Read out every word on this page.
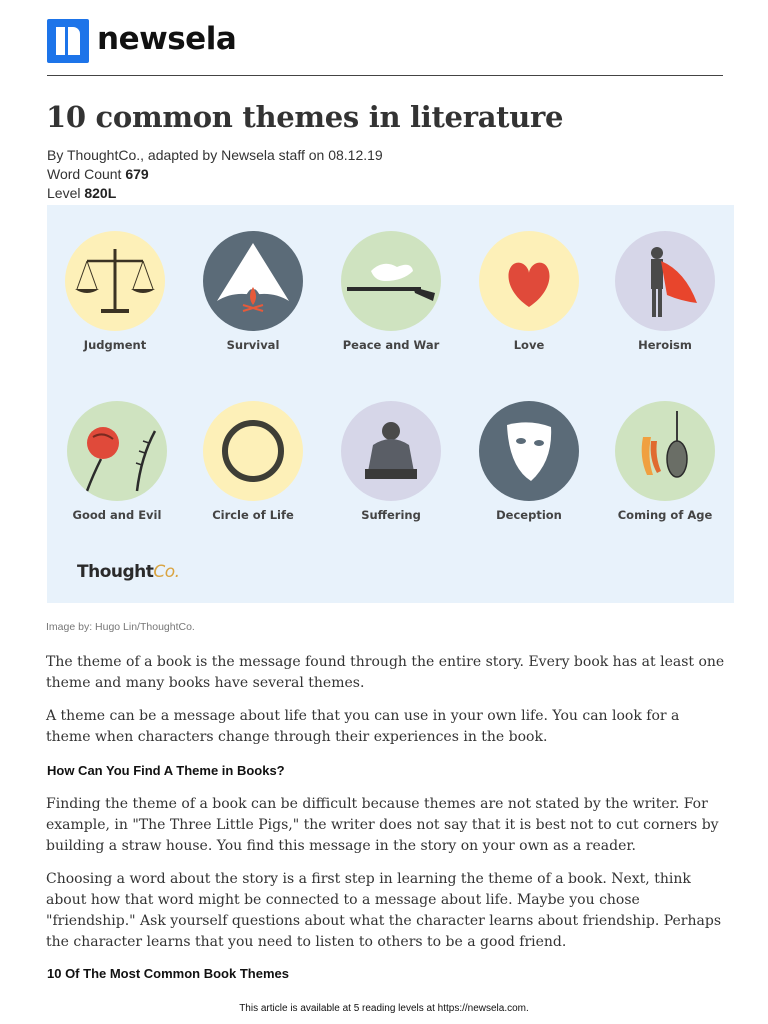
newsela
10 common themes in literature
By ThoughtCo., adapted by Newsela staff on 08.12.19
Word Count 679
Level 820L
Judgment	Survival	Peace and War	Love	Heroism
Good and Evil	Circle of Life	Suffering	Deception	Coming of Age
ThoughtCo.
Image by: Hugo Lin/ThoughtCo.

The theme of a book is the message found through the entire story. Every book has at least one theme and many books have several themes.

A theme can be a message about life that you can use in your own life. You can look for a theme when characters change through their experiences in the book.

How Can You Find A Theme in Books?

Finding the theme of a book can be difficult because themes are not stated by the writer. For example, in "The Three Little Pigs," the writer does not say that it is best not to cut corners by building a straw house. You find this message in the story on your own as a reader.

Choosing a word about the story is a first step in learning the theme of a book. Next, think about how that word might be connected to a message about life. Maybe you chose "friendship." Ask yourself questions about what the character learns about friendship. Perhaps the character learns that you need to listen to others to be a good friend.

10 Of The Most Common Book Themes
This article is available at 5 reading levels at https://newsela.com.
